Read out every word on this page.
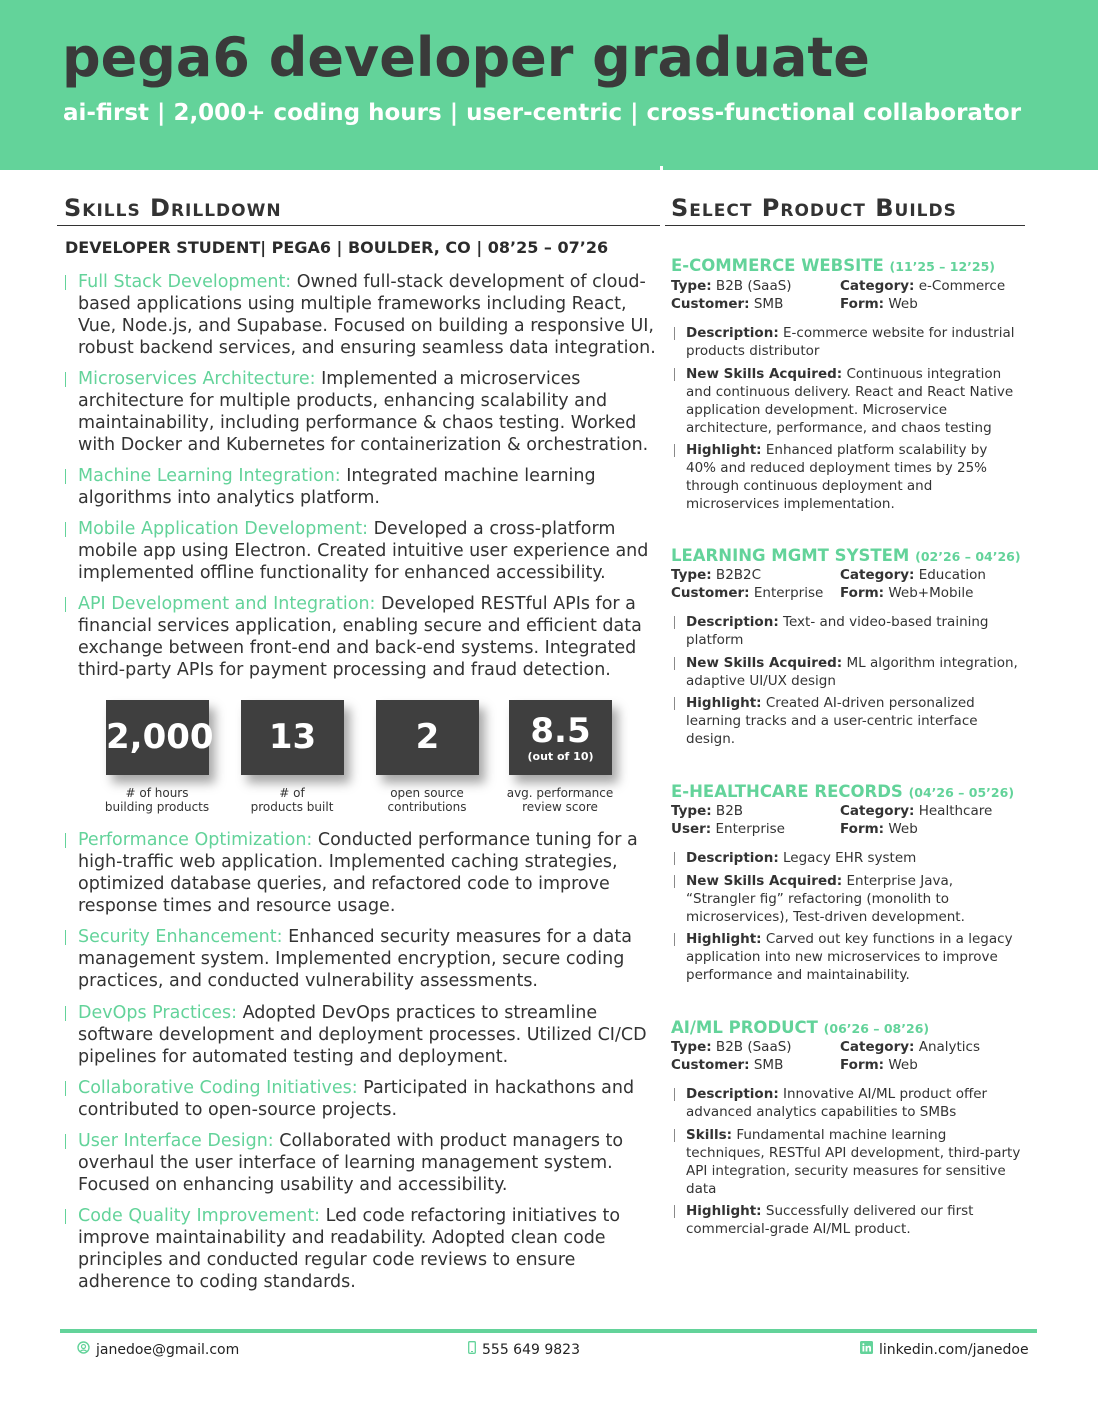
pega6 developer graduate
ai-first | 2,000+ coding hours | user-centric | cross-functional collaborator
Skills Drilldown
DEVELOPER STUDENT| PEGA6 | BOULDER, CO | 08’25 – 07’26
Full Stack Development: Owned full-stack development of cloud-based applications using multiple frameworks including React, Vue, Node.js, and Supabase. Focused on building a responsive UI, robust backend services, and ensuring seamless data integration.
Microservices Architecture: Implemented a microservices architecture for multiple products, enhancing scalability and maintainability, including performance & chaos testing. Worked with Docker and Kubernetes for containerization & orchestration.
Machine Learning Integration: Integrated machine learning algorithms into analytics platform.
Mobile Application Development: Developed a cross-platform mobile app using Electron. Created intuitive user experience and implemented offline functionality for enhanced accessibility.
API Development and Integration: Developed RESTful APIs for a financial services application, enabling secure and efficient data exchange between front-end and back-end systems. Integrated third-party APIs for payment processing and fraud detection.
2,000	13	2	8.5
(out of 10)
# of hours
building products
# of
products built
open source
contributions
avg. performance
review score
Performance Optimization: Conducted performance tuning for a high-traffic web application. Implemented caching strategies, optimized database queries, and refactored code to improve response times and resource usage.
Security Enhancement: Enhanced security measures for a data management system. Implemented encryption, secure coding practices, and conducted vulnerability assessments.
DevOps Practices: Adopted DevOps practices to streamline software development and deployment processes. Utilized CI/CD pipelines for automated testing and deployment.
Collaborative Coding Initiatives: Participated in hackathons and contributed to open-source projects.
User Interface Design: Collaborated with product managers to overhaul the user interface of learning management system. Focused on enhancing usability and accessibility.
Code Quality Improvement: Led code refactoring initiatives to improve maintainability and readability. Adopted clean code principles and conducted regular code reviews to ensure adherence to coding standards.
Select Product Builds
E-COMMERCE WEBSITE (11’25 – 12’25)
Type: B2B (SaaS)	Category: e-Commerce
Customer: SMB	Form: Web
Description: E-commerce website for industrial products distributor
New Skills Acquired: Continuous integration and continuous delivery. React and React Native application development. Microservice architecture, performance, and chaos testing
Highlight: Enhanced platform scalability by 40% and reduced deployment times by 25% through continuous deployment and microservices implementation.
LEARNING MGMT SYSTEM (02’26 – 04’26)
Type: B2B2C	Category: Education
Customer: Enterprise Form: Web+Mobile
Description: Text- and video-based training platform
New Skills Acquired: ML algorithm integration, adaptive UI/UX design
Highlight: Created AI-driven personalized learning tracks and a user-centric interface design.
E-HEALTHCARE RECORDS (04’26 – 05’26)
Type: B2B	Category: Healthcare
User: Enterprise	Form: Web
Description: Legacy EHR system
New Skills Acquired: Enterprise Java, “Strangler fig” refactoring (monolith to microservices), Test-driven development.
Highlight: Carved out key functions in a legacy application into new microservices to improve performance and maintainability.
AI/ML PRODUCT (06’26 – 08’26)
Type: B2B (SaaS)	Category: Analytics
Customer: SMB	Form: Web
Description: Innovative AI/ML product offer advanced analytics capabilities to SMBs
Skills: Fundamental machine learning techniques, RESTful API development, third-party API integration, security measures for sensitive data
Highlight: Successfully delivered our first commercial-grade AI/ML product.
janedoe@gmail.com	555 649 9823	linkedin.com/janedoe
